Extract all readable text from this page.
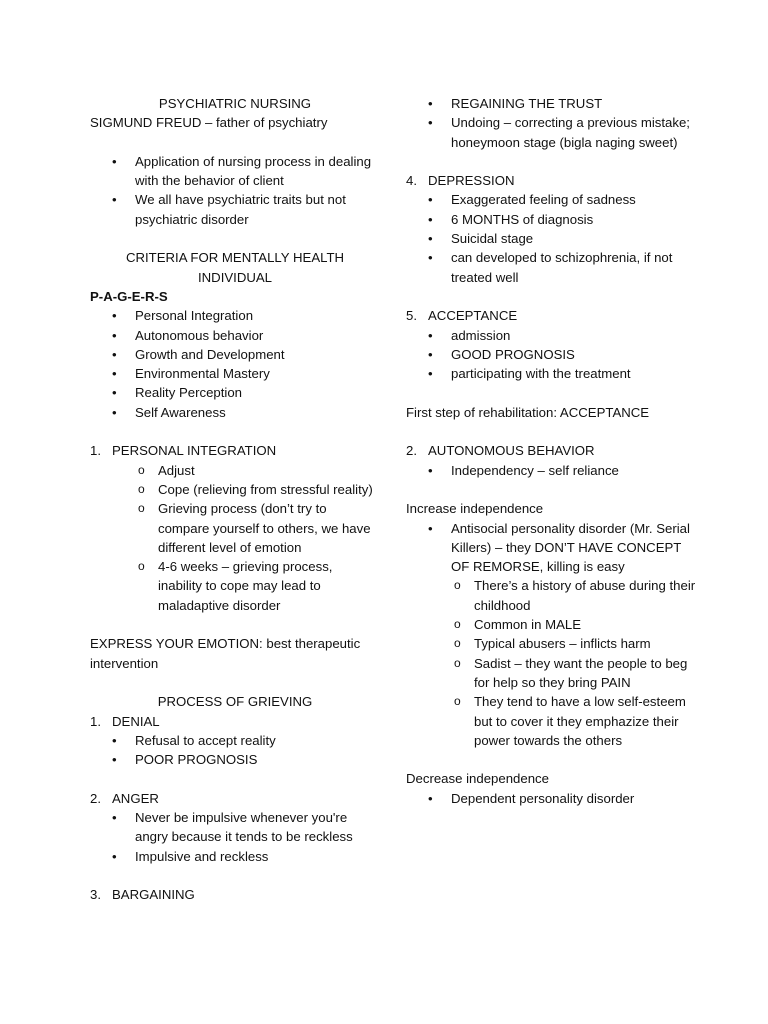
PSYCHIATRIC NURSING

SIGMUND FREUD – father of psychiatry

• Application of nursing process in dealing with the behavior of client
• We all have psychiatric traits but not psychiatric disorder

CRITERIA FOR MENTALLY HEALTH INDIVIDUAL

P-A-G-E-R-S

• Personal Integration
• Autonomous behavior
• Growth and Development
• Environmental Mastery
• Reality Perception
• Self Awareness

1. PERSONAL INTEGRATION

o Adjust
o Cope (relieving from stressful reality)
o Grieving process (don’t try to compare yourself to others, we have different level of emotion
o 4-6 weeks – grieving process, inability to cope may lead to maladaptive disorder

EXPRESS YOUR EMOTION: best therapeutic intervention

PROCESS OF GRIEVING

1. DENIAL

• Refusal to accept reality
• POOR PROGNOSIS

2. ANGER

• Never be impulsive whenever you're angry because it tends to be reckless
• Impulsive and reckless

3. BARGAINING

• REGAINING THE TRUST
• Undoing – correcting a previous mistake; honeymoon stage (bigla naging sweet)

4. DEPRESSION

• Exaggerated feeling of sadness
• 6 MONTHS of diagnosis
• Suicidal stage
• can developed to schizophrenia, if not treated well

5. ACCEPTANCE

• admission
• GOOD PROGNOSIS
• participating with the treatment

First step of rehabilitation: ACCEPTANCE

2. AUTONOMOUS BEHAVIOR

• Independency – self reliance

Increase independence

• Antisocial personality disorder (Mr. Serial Killers) – they DON’T HAVE CONCEPT OF REMORSE, killing is easy
o There’s a history of abuse during their childhood
o Common in MALE
o Typical abusers – inflicts harm
o Sadist – they want the people to beg for help so they bring PAIN
o They tend to have a low self-esteem but to cover it they emphazize their power towards the others

Decrease independence

• Dependent personality disorder
